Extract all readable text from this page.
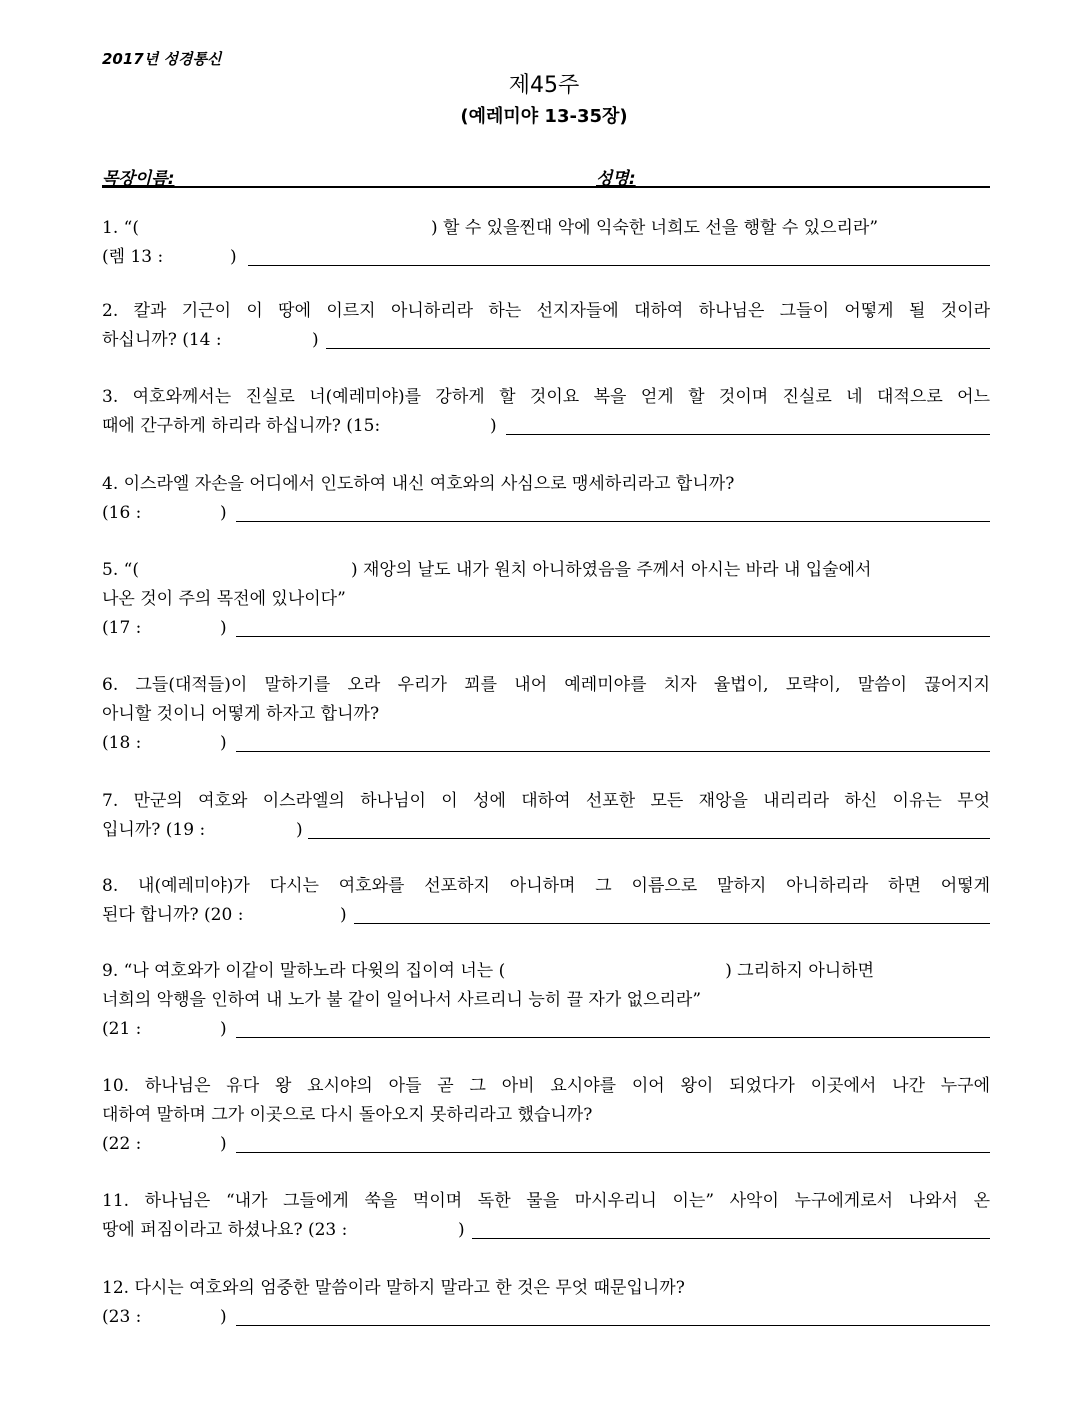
2017년 성경통신
제45주
(예레미야 13-35장)
목장이름:	성명:
1. “(	) 할 수 있을찐대 악에 익숙한 너희도 선을 행할 수 있으리라”
(렘 13 :	)
2. 칼과 기근이 이 땅에 이르지 아니하리라 하는 선지자들에 대하여 하나님은 그들이 어떻게 될 것이라
하십니까? (14 :	)
3. 여호와께서는 진실로 너(예레미야)를 강하게 할 것이요 복을 얻게 할 것이며 진실로 네 대적으로 어느
때에 간구하게 하리라 하십니까? (15:	)
4. 이스라엘 자손을 어디에서 인도하여 내신 여호와의 사심으로 맹세하리라고 합니까?
(16 :	)
5. “(	) 재앙의 날도 내가 원치 아니하였음을 주께서 아시는 바라 내 입술에서
나온 것이 주의 목전에 있나이다”
(17 :	)
6. 그들(대적들)이 말하기를 오라 우리가 꾀를 내어 예레미야를 치자 율법이, 모략이, 말씀이 끊어지지
아니할 것이니 어떻게 하자고 합니까?
(18 :	)
7. 만군의 여호와 이스라엘의 하나님이 이 성에 대하여 선포한 모든 재앙을 내리리라 하신 이유는 무엇
입니까? (19 :	)
8. 내(예레미야)가 다시는 여호와를 선포하지 아니하며 그 이름으로 말하지 아니하리라 하면 어떻게
된다 합니까? (20 :	)
9. “나 여호와가 이같이 말하노라 다윗의 집이여 너는 (	) 그리하지 아니하면
너희의 악행을 인하여 내 노가 불 같이 일어나서 사르리니 능히 끌 자가 없으리라”
(21 :	)
10. 하나님은 유다 왕 요시야의 아들 곧 그 아비 요시야를 이어 왕이 되었다가 이곳에서 나간 누구에
대하여 말하며 그가 이곳으로 다시 돌아오지 못하리라고 했습니까?
(22 :	)
11. 하나님은 “내가 그들에게 쑥을 먹이며 독한 물을 마시우리니 이는” 사악이 누구에게로서 나와서 온
땅에 퍼짐이라고 하셨나요? (23 :	)
12. 다시는 여호와의 엄중한 말씀이라 말하지 말라고 한 것은 무엇 때문입니까?
(23 :	)
